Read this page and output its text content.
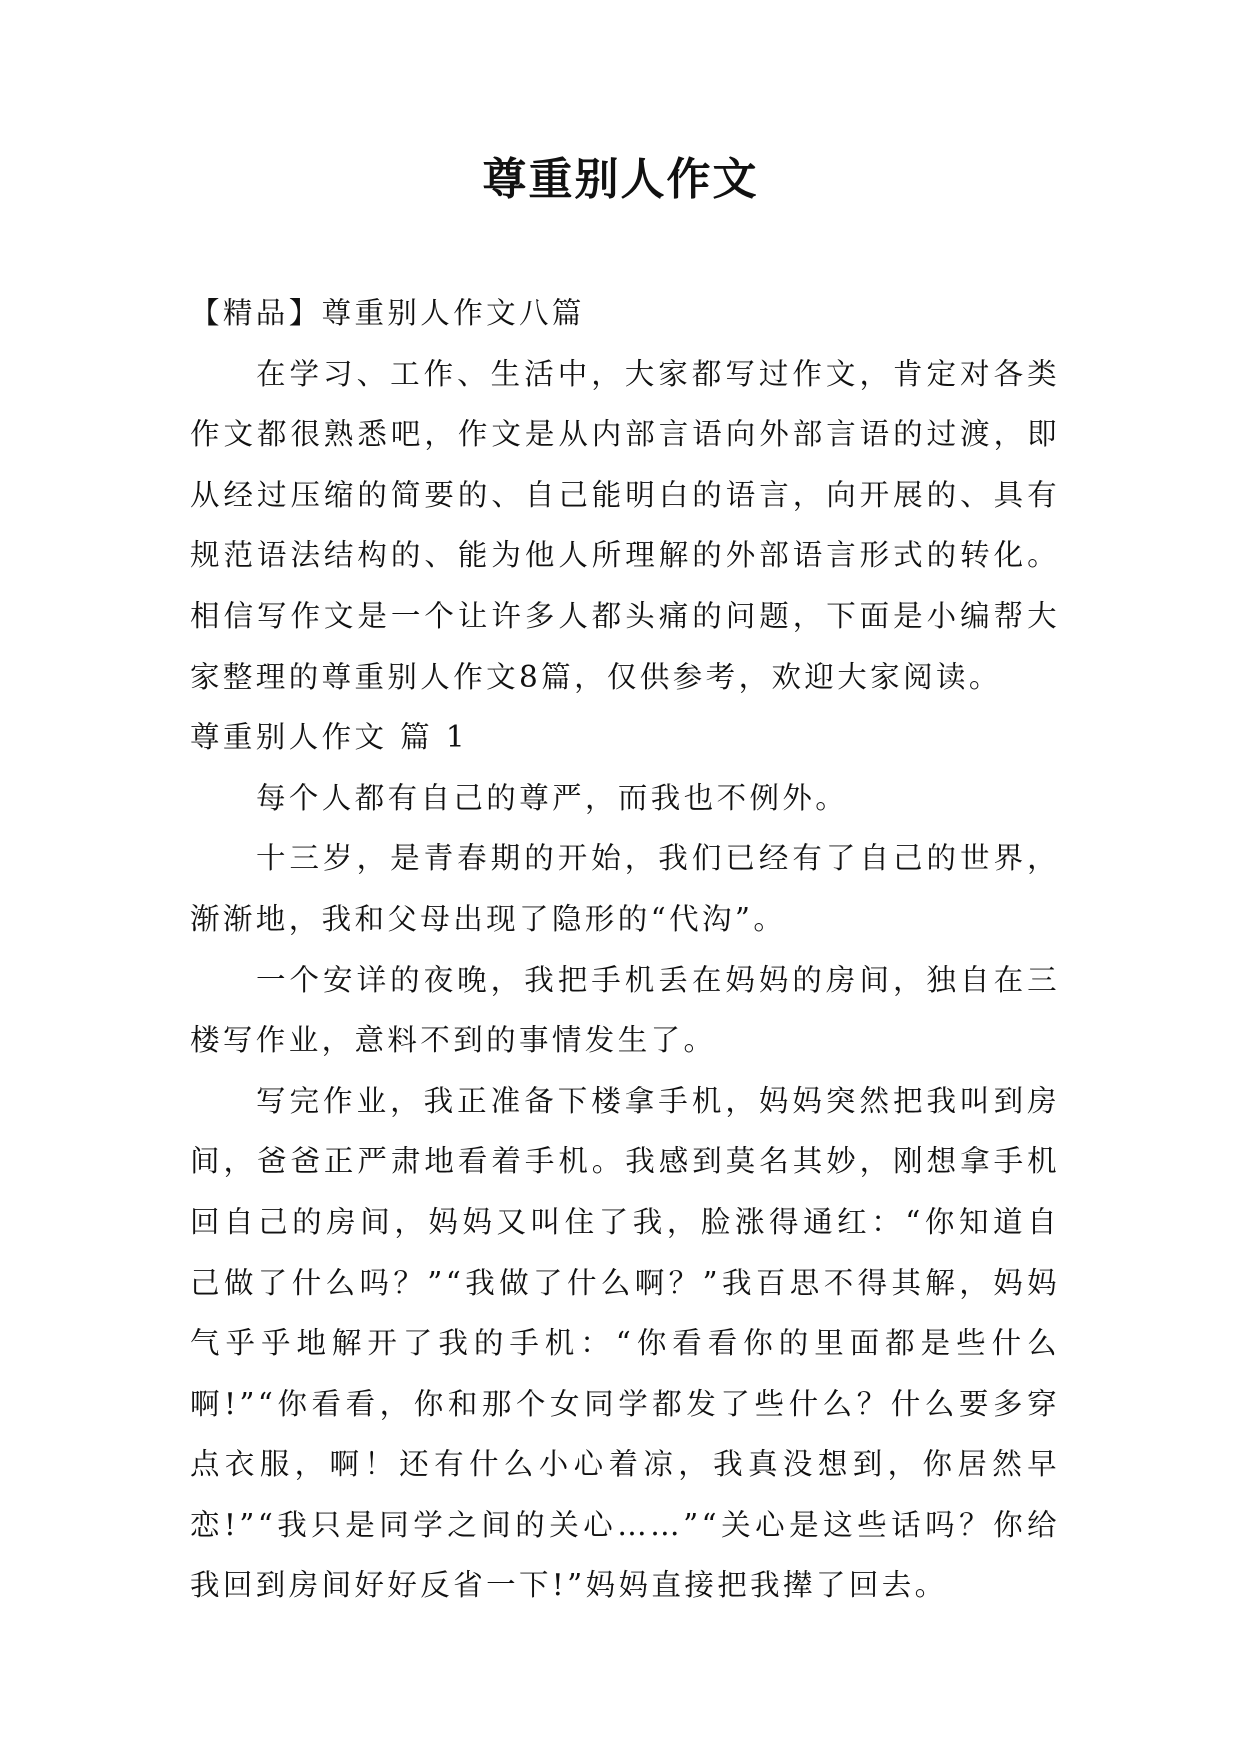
尊重别人作文

【精品】尊重别人作文八篇

在学习、工作、生活中，大家都写过作文，肯定对各类作文都很熟悉吧，作文是从内部言语向外部言语的过渡，即从经过压缩的简要的、自己能明白的语言，向开展的、具有规范语法结构的、能为他人所理解的外部语言形式的转化。相信写作文是一个让许多人都头痛的问题，下面是小编帮大家整理的尊重别人作文8篇，仅供参考，欢迎大家阅读。

尊重别人作文 篇 1

每个人都有自己的尊严，而我也不例外。

十三岁，是青春期的开始，我们已经有了自己的世界，渐渐地，我和父母出现了隐形的“代沟”。

一个安详的夜晚，我把手机丢在妈妈的房间，独自在三楼写作业，意料不到的事情发生了。

写完作业，我正准备下楼拿手机，妈妈突然把我叫到房间，爸爸正严肃地看着手机。我感到莫名其妙，刚想拿手机回自己的房间，妈妈又叫住了我，脸涨得通红：“你知道自己做了什么吗？”“我做了什么啊？”我百思不得其解，妈妈气乎乎地解开了我的手机：“你看看你的里面都是些什么啊!”“你看看，你和那个女同学都发了些什么？什么要多穿点衣服，啊！还有什么小心着凉，我真没想到，你居然早恋!”“我只是同学之间的关心……”“关心是这些话吗？你给我回到房间好好反省一下!”妈妈直接把我撵了回去。
